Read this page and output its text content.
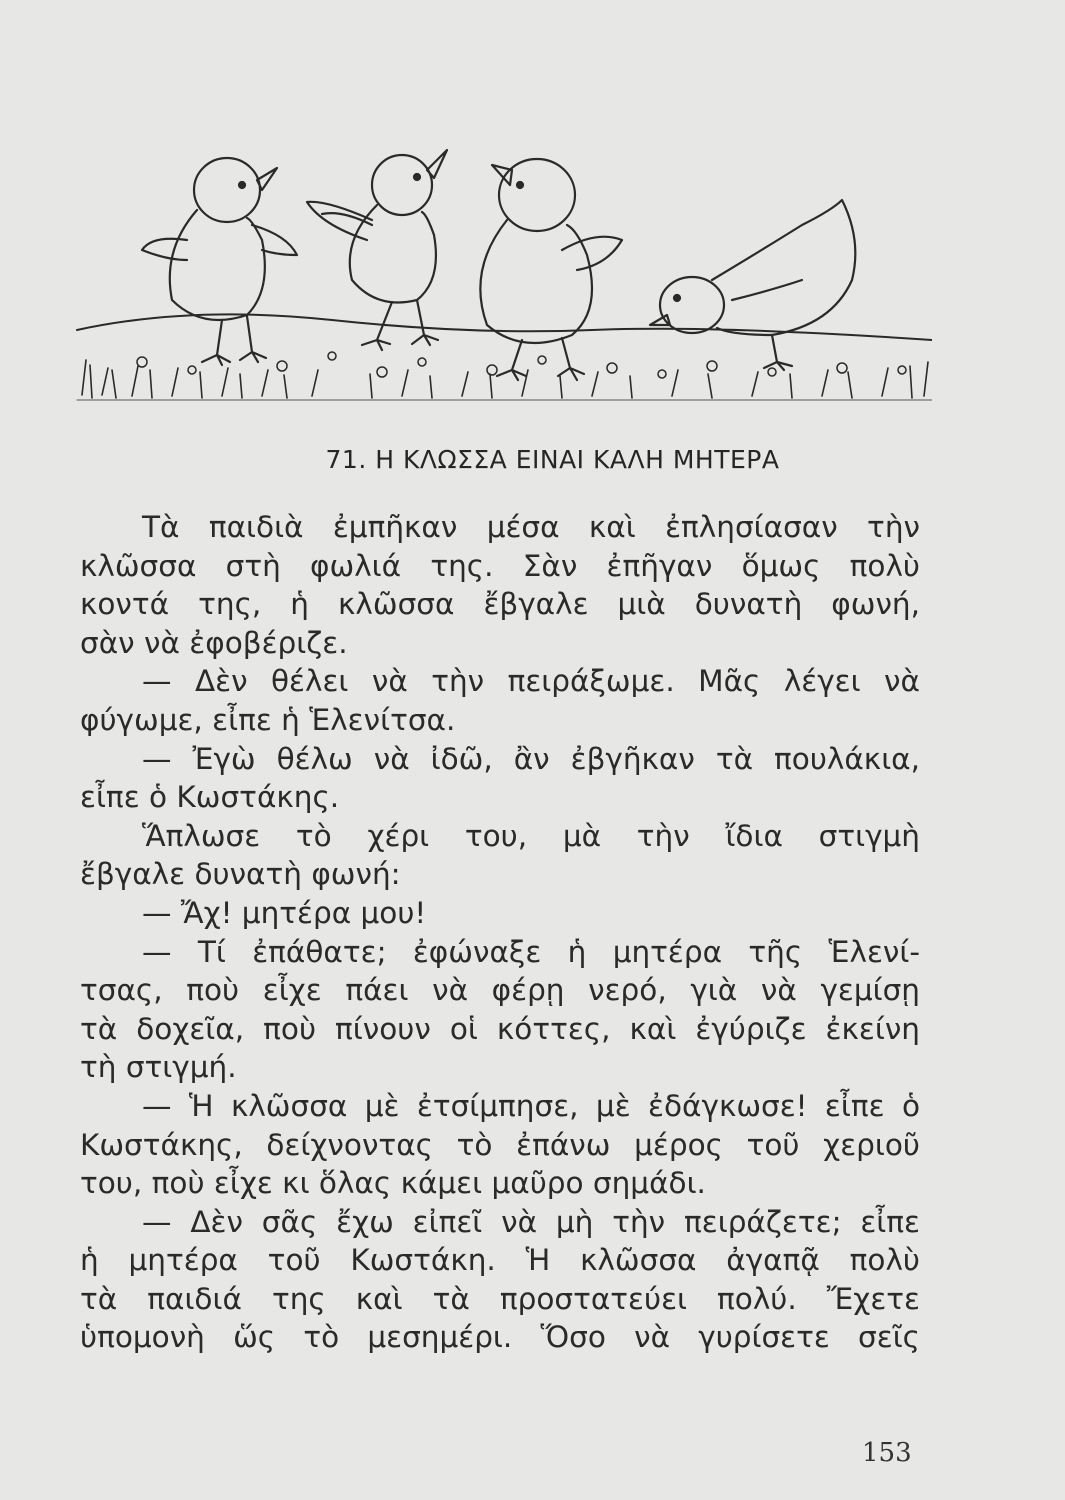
71. Η ΚΛΩΣΣΑ ΕΙΝΑΙ ΚΑΛΗ ΜΗΤΕΡΑ
Τὰ παιδιὰ ἐμπῆκαν μέσα καὶ ἐπλησίασαν τὴν
κλῶσσα στὴ φωλιά της. Σὰν ἐπῆγαν ὅμως πολὺ
κοντά της, ἡ κλῶσσα ἔβγαλε μιὰ δυνατὴ φωνή,
σὰν νὰ ἐφοβέριζε.
— Δὲν θέλει νὰ τὴν πειράξωμε. Μᾶς λέγει νὰ
φύγωμε, εἶπε ἡ Ἑλενίτσα.
— Ἐγὼ θέλω νὰ ἰδῶ, ἂν ἐβγῆκαν τὰ πουλάκια,
εἶπε ὁ Κωστάκης.
Ἅπλωσε τὸ χέρι του, μὰ τὴν ἴδια στιγμὴ
ἔβγαλε δυνατὴ φωνή:
— Ἄχ! μητέρα μου!
— Τί ἐπάθατε; ἐφώναξε ἡ μητέρα τῆς Ἑλενί-
τσας, ποὺ εἶχε πάει νὰ φέρῃ νερό, γιὰ νὰ γεμίσῃ
τὰ δοχεῖα, ποὺ πίνουν οἱ κόττες, καὶ ἐγύριζε ἐκείνη
τὴ στιγμή.
— Ἡ κλῶσσα μὲ ἐτσίμπησε, μὲ ἐδάγκωσε! εἶπε ὁ
Κωστάκης, δείχνοντας τὸ ἐπάνω μέρος τοῦ χεριοῦ
του, ποὺ εἶχε κι ὅλας κάμει μαῦρο σημάδι.
— Δὲν σᾶς ἔχω εἰπεῖ νὰ μὴ τὴν πειράζετε; εἶπε
ἡ μητέρα τοῦ Κωστάκη. Ἡ κλῶσσα ἀγαπᾷ πολὺ
τὰ παιδιά της καὶ τὰ προστατεύει πολύ. Ἔχετε
ὑπομονὴ ὥς τὸ μεσημέρι. Ὅσο νὰ γυρίσετε σεῖς
153
